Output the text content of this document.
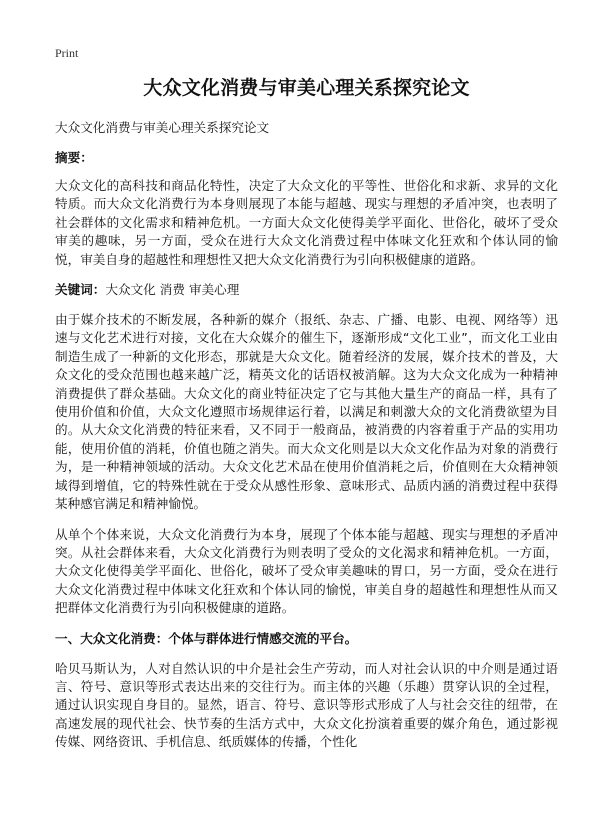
Print
大众文化消费与审美心理关系探究论文
大众文化消费与审美心理关系探究论文
摘要：
大众文化的高科技和商品化特性，决定了大众文化的平等性、世俗化和求新、求异的文化特质。而大众文化消费行为本身则展现了本能与超越、现实与理想的矛盾冲突，也表明了社会群体的文化需求和精神危机。一方面大众文化使得美学平面化、世俗化，破坏了受众审美的趣味，另一方面，受众在进行大众文化消费过程中体味文化狂欢和个体认同的愉悦，审美自身的超越性和理想性又把大众文化消费行为引向积极健康的道路。
关键词：大众文化 消费 审美心理
由于媒介技术的不断发展，各种新的媒介（报纸、杂志、广播、电影、电视、网络等）迅速与文化艺术进行对接，文化在大众媒介的催生下，逐渐形成“文化工业”，而文化工业由制造生成了一种新的文化形态，那就是大众文化。随着经济的发展，媒介技术的普及，大众文化的受众范围也越来越广泛，精英文化的话语权被消解。这为大众文化成为一种精神消费提供了群众基础。大众文化的商业特征决定了它与其他大量生产的商品一样，具有了使用价值和价值，大众文化遵照市场规律运行着，以满足和刺激大众的文化消费欲望为目的。从大众文化消费的特征来看，又不同于一般商品，被消费的内容着重于产品的实用功能，使用价值的消耗，价值也随之消失。而大众文化则是以大众文化作品为对象的消费行为，是一种精神领域的活动。大众文化艺术品在使用价值消耗之后，价值则在大众精神领域得到增值，它的特殊性就在于受众从感性形象、意味形式、品质内涵的消费过程中获得某种感官满足和精神愉悦。
从单个个体来说，大众文化消费行为本身，展现了个体本能与超越、现实与理想的矛盾冲突。从社会群体来看，大众文化消费行为则表明了受众的文化渴求和精神危机。一方面，大众文化使得美学平面化、世俗化，破坏了受众审美趣味的胃口，另一方面，受众在进行大众文化消费过程中体味文化狂欢和个体认同的愉悦，审美自身的超越性和理想性从而又把群体文化消费行为引向积极健康的道路。
一、大众文化消费：个体与群体进行情感交流的平台。
哈贝马斯认为，人对自然认识的中介是社会生产劳动，而人对社会认识的中介则是通过语言、符号、意识等形式表达出来的交往行为。而主体的兴趣（乐趣）贯穿认识的全过程，通过认识实现自身目的。显然，语言、符号、意识等形式形成了人与社会交往的纽带，在高速发展的现代社会、快节奏的生活方式中，大众文化扮演着重要的媒介角色，通过影视传媒、网络资讯、手机信息、纸质媒体的传播，个性化
